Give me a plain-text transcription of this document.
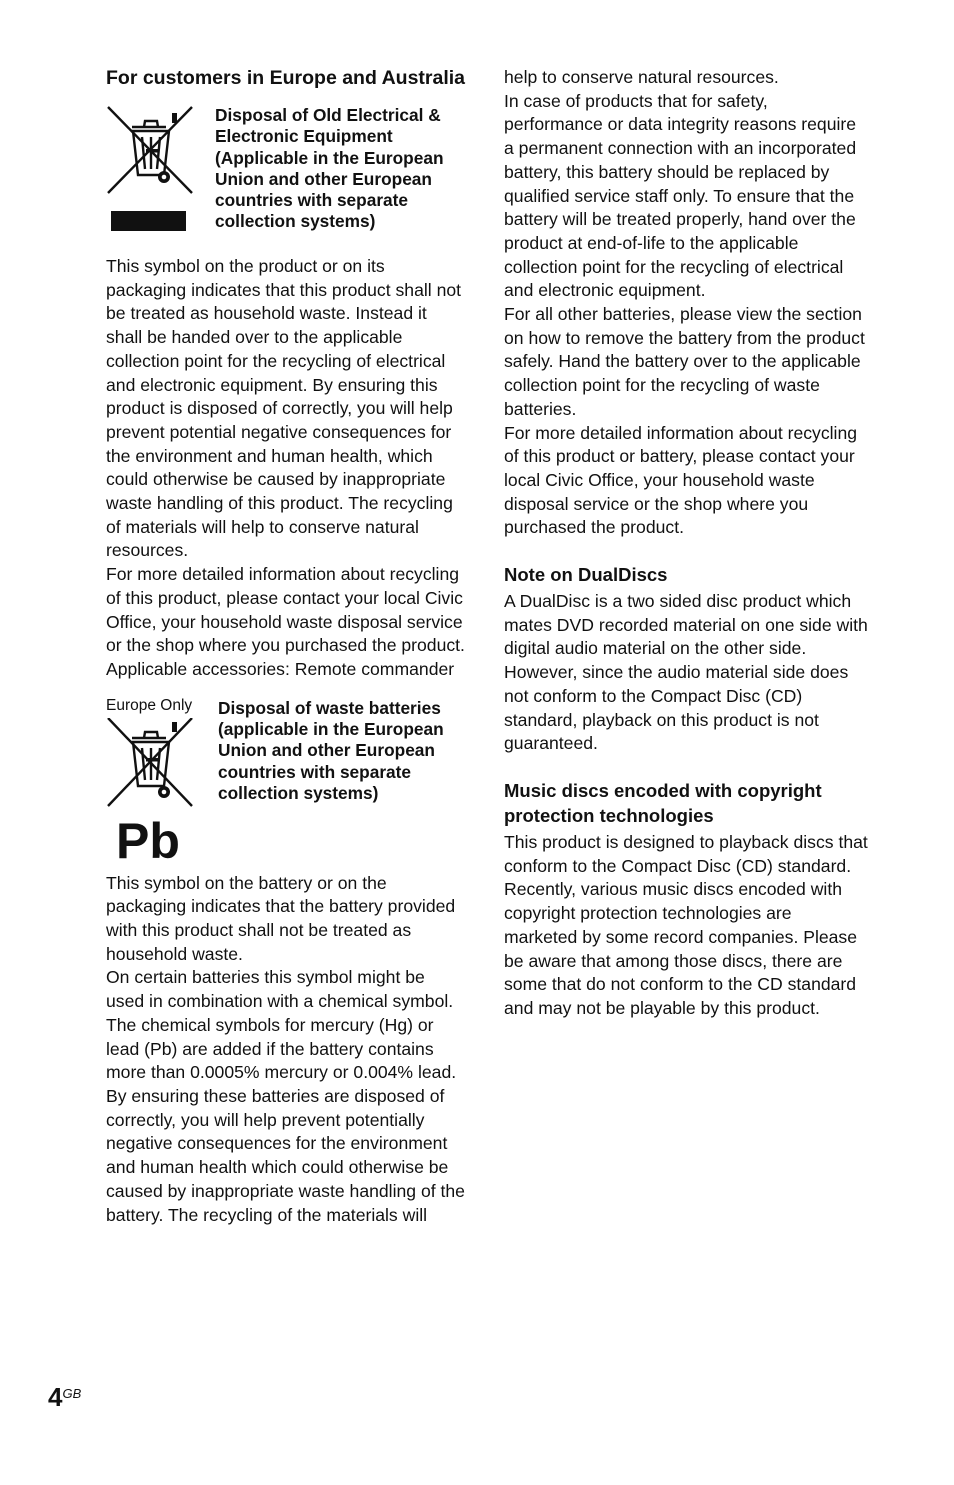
For customers in Europe and Australia

Disposal of Old Electrical & Electronic Equipment (Applicable in the European Union and other European countries with separate collection systems)

This symbol on the product or on its packaging indicates that this product shall not be treated as household waste. Instead it shall be handed over to the applicable collection point for the recycling of electrical and electronic equipment. By ensuring this product is disposed of correctly, you will help prevent potential negative consequences for the environment and human health, which could otherwise be caused by inappropriate waste handling of this product. The recycling of materials will help to conserve natural resources.

For more detailed information about recycling of this product, please contact your local Civic Office, your household waste disposal service or the shop where you purchased the product.

Applicable accessories: Remote commander

Europe Only
Pb
Disposal of waste batteries (applicable in the European Union and other European countries with separate collection systems)

This symbol on the battery or on the packaging indicates that the battery provided with this product shall not be treated as household waste.

On certain batteries this symbol might be used in combination with a chemical symbol. The chemical symbols for mercury (Hg) or lead (Pb) are added if the battery contains more than 0.0005% mercury or 0.004% lead.

By ensuring these batteries are disposed of correctly, you will help prevent potentially negative consequences for the environment and human health which could otherwise be caused by inappropriate waste handling of the battery. The recycling of the materials will

help to conserve natural resources.

In case of products that for safety, performance or data integrity reasons require a permanent connection with an incorporated battery, this battery should be replaced by qualified service staff only. To ensure that the battery will be treated properly, hand over the product at end-of-life to the applicable collection point for the recycling of electrical and electronic equipment.

For all other batteries, please view the section on how to remove the battery from the product safely. Hand the battery over to the applicable collection point for the recycling of waste batteries.

For more detailed information about recycling of this product or battery, please contact your local Civic Office, your household waste disposal service or the shop where you purchased the product.

Note on DualDiscs

A DualDisc is a two sided disc product which mates DVD recorded material on one side with digital audio material on the other side. However, since the audio material side does not conform to the Compact Disc (CD) standard, playback on this product is not guaranteed.

Music discs encoded with copyright protection technologies

This product is designed to playback discs that conform to the Compact Disc (CD) standard. Recently, various music discs encoded with copyright protection technologies are marketed by some record companies. Please be aware that among those discs, there are some that do not conform to the CD standard and may not be playable by this product.

$4^{GB}$
